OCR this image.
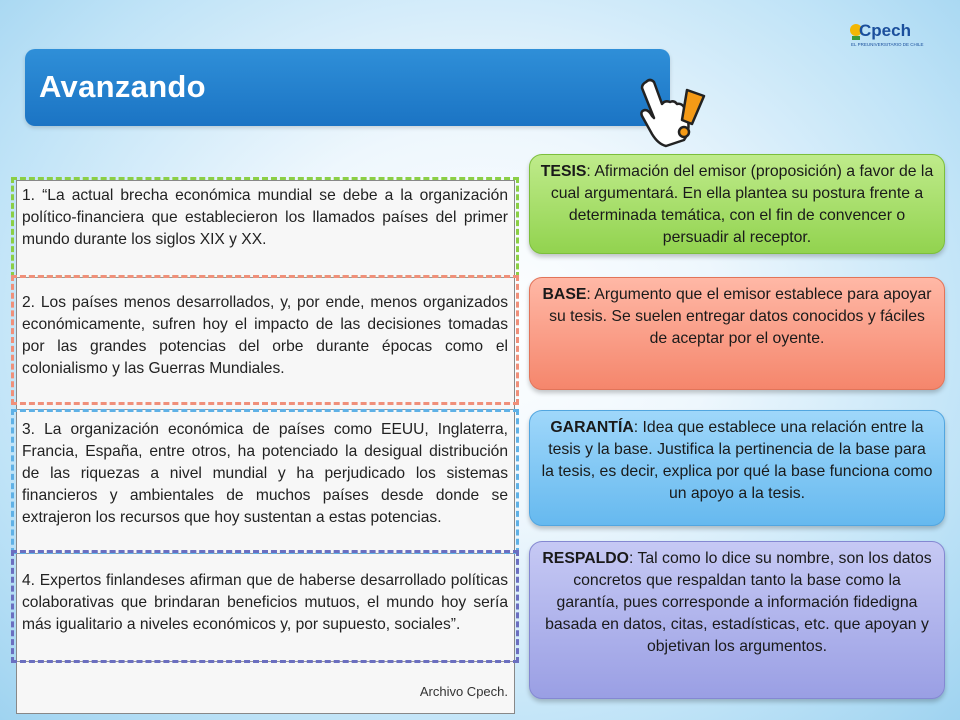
Avanzando
Cpech
EL PREUNIVERSITARIO DE CHILE

1. “La actual brecha económica mundial se debe a la organización político-financiera que establecieron los llamados países del primer mundo durante los siglos XIX y XX.

2. Los países menos desarrollados, y, por ende, menos organizados económicamente, sufren hoy el impacto de las decisiones tomadas por las grandes potencias del orbe durante épocas como el colonialismo y las Guerras Mundiales.

3. La organización económica de países como EEUU, Inglaterra, Francia, España, entre otros, ha potenciado la desigual distribución de las riquezas a nivel mundial y ha perjudicado los sistemas financieros y ambientales de muchos países desde donde se extrajeron los recursos que hoy sustentan a estas potencias.

4. Expertos finlandeses afirman que de haberse desarrollado políticas colaborativas que brindaran beneficios mutuos, el mundo hoy sería más igualitario a niveles económicos y, por supuesto, sociales”.

Archivo Cpech.
TESIS: Afirmación del emisor (proposición) a favor de la cual argumentará. En ella plantea su postura frente a determinada temática, con el fin de convencer o persuadir al receptor.
BASE: Argumento que el emisor establece para apoyar su tesis. Se suelen entregar datos conocidos y fáciles de aceptar por el oyente.
GARANTÍA: Idea que establece una relación entre la tesis y la base. Justifica la pertinencia de la base para la tesis, es decir, explica por qué la base funciona como un apoyo a la tesis.
RESPALDO: Tal como lo dice su nombre, son los datos concretos que respaldan tanto la base como la garantía, pues corresponde a información fidedigna basada en datos, citas, estadísticas, etc. que apoyan y objetivan los argumentos.
